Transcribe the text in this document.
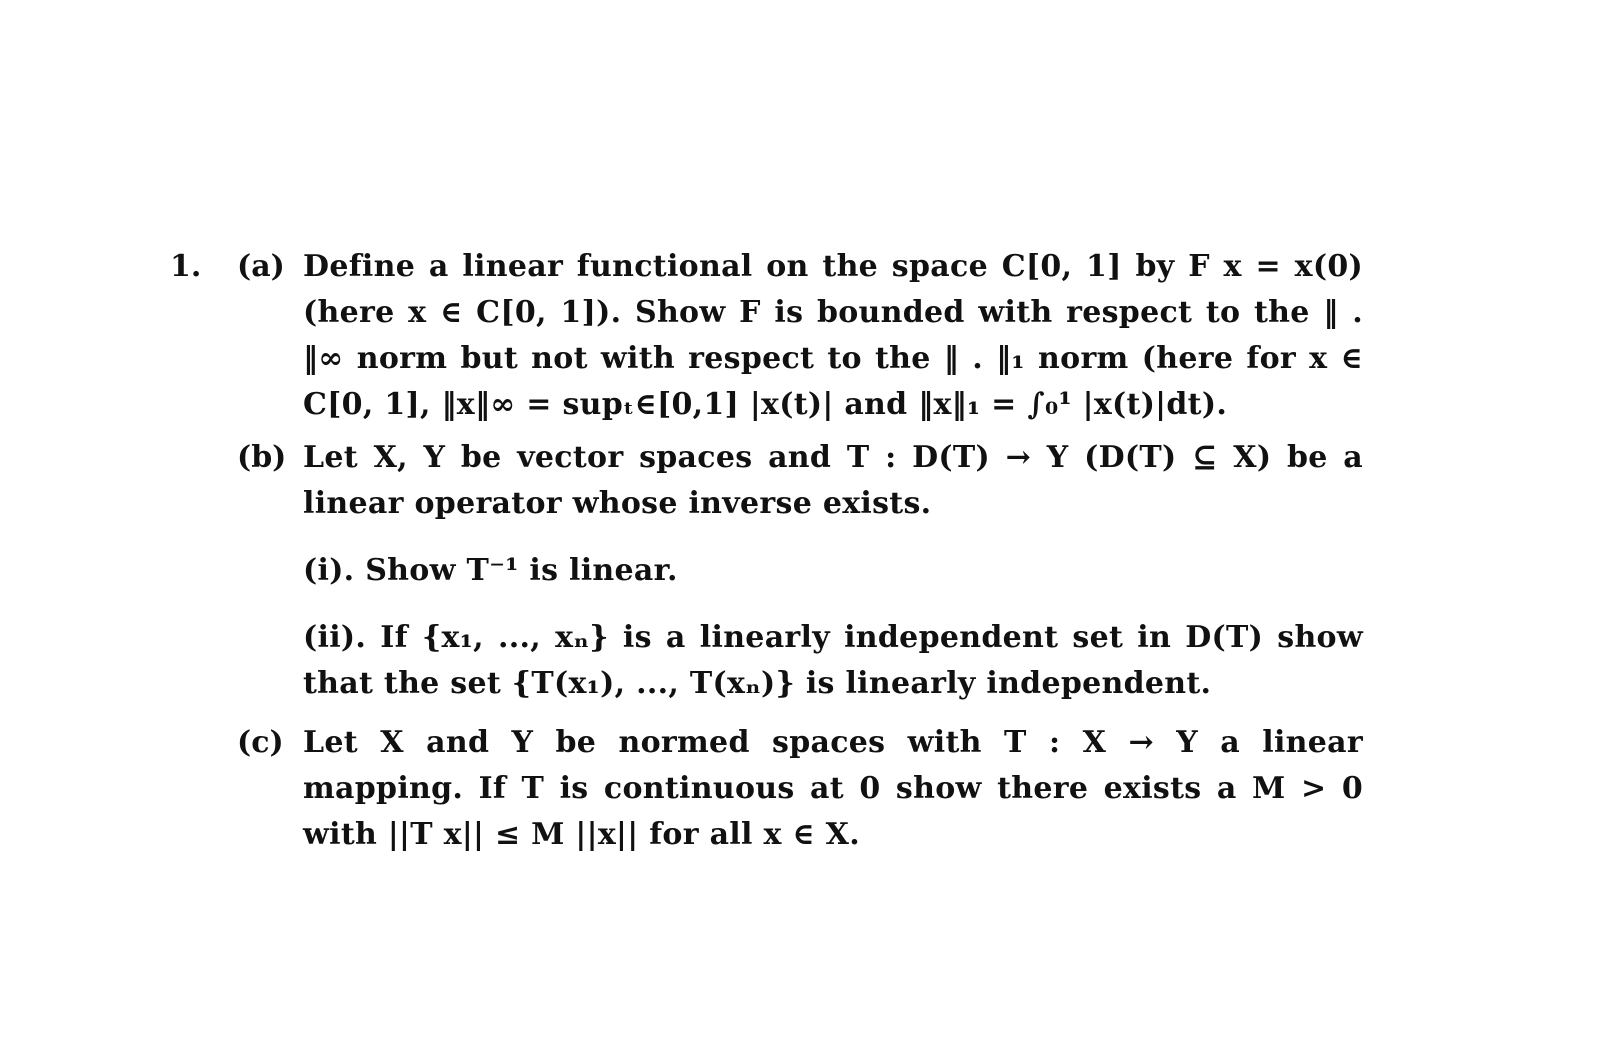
1. (a) Define a linear functional on the space C[0, 1] by F x = x(0) (here x ∈ C[0, 1]). Show F is bounded with respect to the ‖ . ‖∞ norm but not with respect to the ‖ . ‖₁ norm (here for x ∈ C[0, 1], ‖x‖∞ = supₜ∈[0,1] |x(t)| and ‖x‖₁ = ∫₀¹ |x(t)|dt).
(b) Let X, Y be vector spaces and T : D(T) → Y (D(T) ⊆ X) be a linear operator whose inverse exists.
(i). Show T⁻¹ is linear.
(ii). If {x₁, ..., xₙ} is a linearly independent set in D(T) show that the set {T(x₁), ..., T(xₙ)} is linearly independent.
(c) Let X and Y be normed spaces with T : X → Y a linear mapping. If T is continuous at 0 show there exists a M > 0 with ||T x|| ≤ M ||x|| for all x ∈ X.
